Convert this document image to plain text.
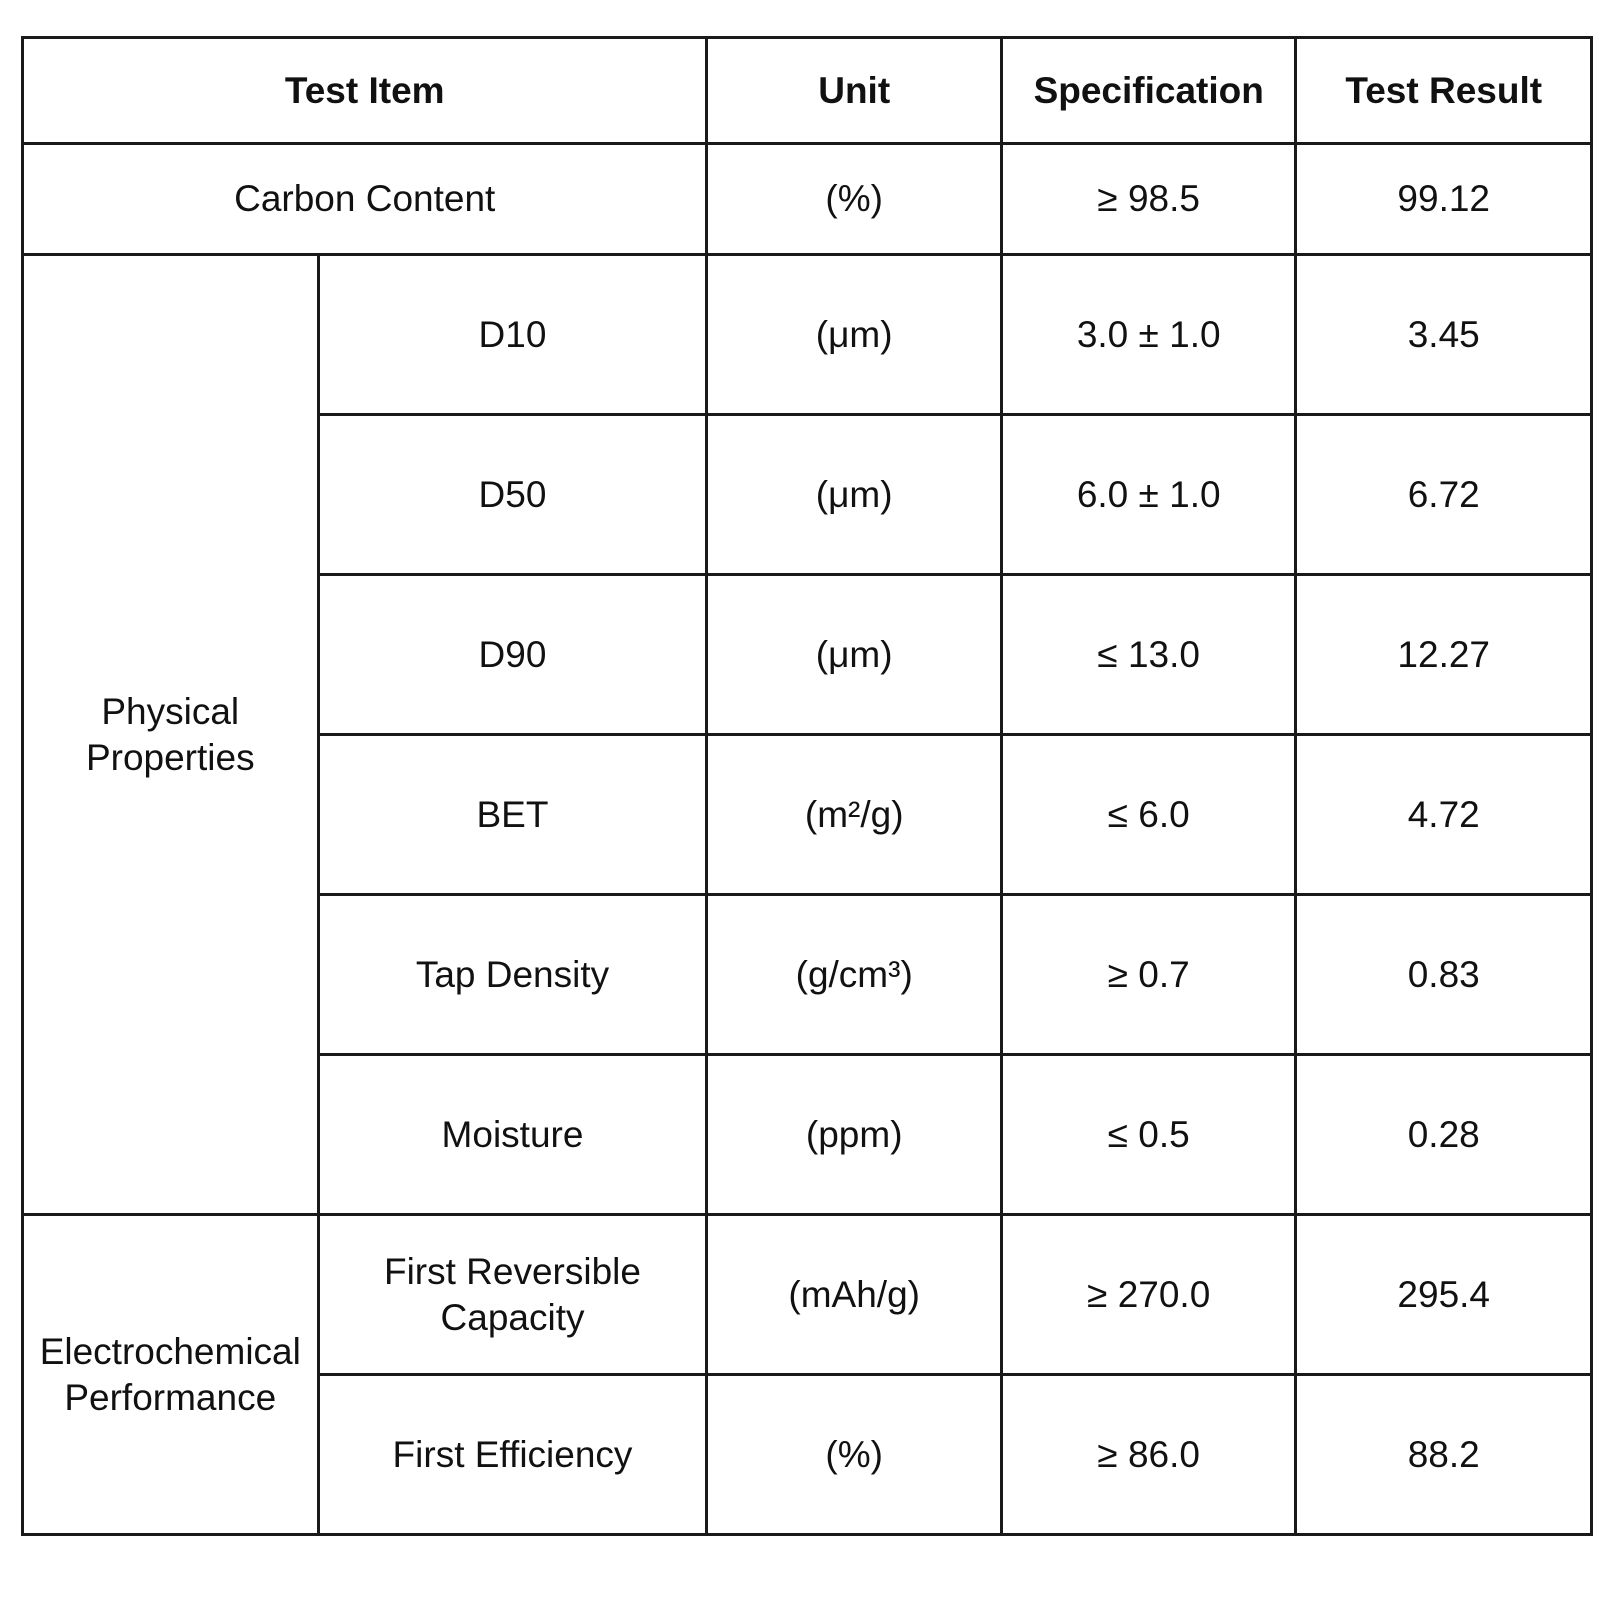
Test Item		Unit	Specification	Test Result
Carbon Content		(%)	≥ 98.5	99.12
Physical Properties	D10	(μm)	3.0 ± 1.0	3.45
	D50	(μm)	6.0 ± 1.0	6.72
	D90	(μm)	≤ 13.0	12.27
	BET	(m²/g)	≤ 6.0	4.72
	Tap Density	(g/cm³)	≥ 0.7	0.83
	Moisture	(ppm)	≤ 0.5	0.28
Electrochemical Performance	First Reversible Capacity	(mAh/g)	≥ 270.0	295.4
	First Efficiency	(%)	≥ 86.0	88.2
